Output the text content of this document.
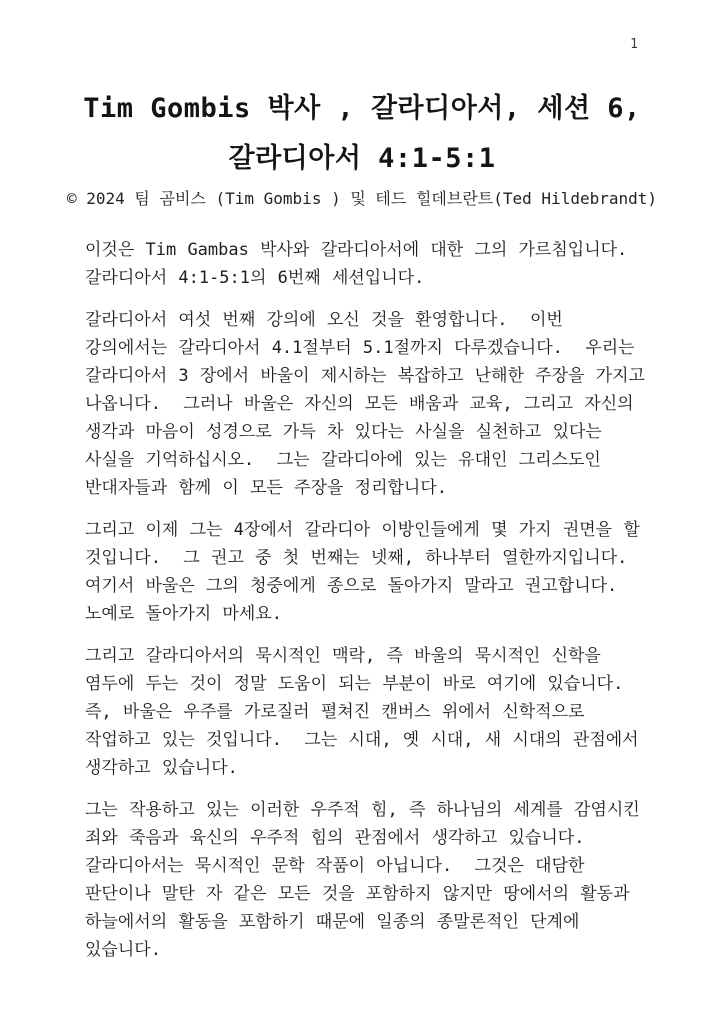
1
Tim Gombis 박사 , 갈라디아서, 세션 6,
갈라디아서 4:1-5:1
© 2024 팀 곰비스 (Tim Gombis ) 및 테드 힐데브란트(Ted Hildebrandt)

이것은 Tim Gambas 박사와 갈라디아서에 대한 그의 가르침입니다.  갈라디아서 4:1-5:1의 6번째 세션입니다.

갈라디아서 여섯 번째 강의에 오신 것을 환영합니다.  이번 강의에서는 갈라디아서 4.1절부터 5.1절까지 다루겠습니다.  우리는 갈라디아서 3 장에서 바울이 제시하는 복잡하고 난해한 주장을 가지고 나옵니다.  그러나 바울은 자신의 모든 배움과 교육, 그리고 자신의 생각과 마음이 성경으로 가득 차 있다는 사실을 실천하고 있다는 사실을 기억하십시오.  그는 갈라디아에 있는 유대인 그리스도인 반대자들과 함께 이 모든 주장을 정리합니다.

그리고 이제 그는 4장에서 갈라디아 이방인들에게 몇 가지 권면을 할 것입니다.  그 권고 중 첫 번째는 넷째, 하나부터 열한까지입니다.  여기서 바울은 그의 청중에게 종으로 돌아가지 말라고 권고합니다.  노예로 돌아가지 마세요.

그리고 갈라디아서의 묵시적인 맥락, 즉 바울의 묵시적인 신학을 염두에 두는 것이 정말 도움이 되는 부분이 바로 여기에 있습니다.  즉, 바울은 우주를 가로질러 펼쳐진 캔버스 위에서 신학적으로 작업하고 있는 것입니다.  그는 시대, 옛 시대, 새 시대의 관점에서 생각하고 있습니다.

그는 작용하고 있는 이러한 우주적 힘, 즉 하나님의 세계를 감염시킨 죄와 죽음과 육신의 우주적 힘의 관점에서 생각하고 있습니다.  갈라디아서는 묵시적인 문학 작품이 아닙니다.  그것은 대담한 판단이나 말탄 자 같은 모든 것을 포함하지 않지만 땅에서의 활동과 하늘에서의 활동을 포함하기 때문에 일종의 종말론적인 단계에 있습니다.
